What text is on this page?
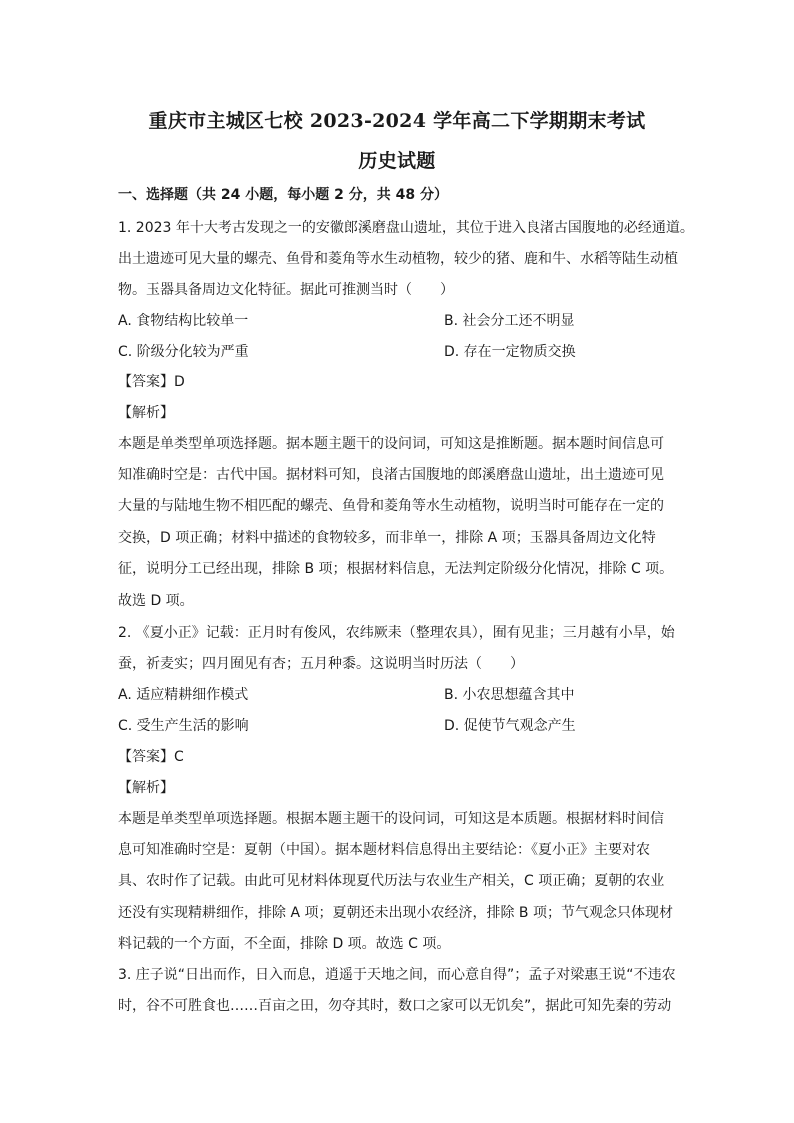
重庆市主城区七校 2023-2024 学年高二下学期期末考试
历史试题
一、选择题（共 24 小题，每小题 2 分，共 48 分）
1. 2023 年十大考古发现之一的安徽郎溪磨盘山遗址，其位于进入良渚古国腹地的必经通道。
出土遗迹可见大量的螺壳、鱼骨和菱角等水生动植物，较少的猪、鹿和牛、水稻等陆生动植
物。玉器具备周边文化特征。据此可推测当时（　　）
A. 食物结构比较单一	B. 社会分工还不明显
C. 阶级分化较为严重	D. 存在一定物质交换
【答案】D
【解析】
本题是单类型单项选择题。据本题主题干的设问词，可知这是推断题。据本题时间信息可
知准确时空是：古代中国。据材料可知，良渚古国腹地的郎溪磨盘山遗址，出土遗迹可见
大量的与陆地生物不相匹配的螺壳、鱼骨和菱角等水生动植物，说明当时可能存在一定的
交换，D 项正确；材料中描述的食物较多，而非单一，排除 A 项；玉器具备周边文化特
征，说明分工已经出现，排除 B 项；根据材料信息，无法判定阶级分化情况，排除 C 项。
故选 D 项。
2. 《夏小正》记载：正月时有俊风，农纬厥耒（整理农具），囿有见韭；三月越有小旱，始
蚕，祈麦实；四月囿见有杏；五月种黍。这说明当时历法（　　）
A. 适应精耕细作模式	B. 小农思想蕴含其中
C. 受生产生活的影响	D. 促使节气观念产生
【答案】C
【解析】
本题是单类型单项选择题。根据本题主题干的设问词，可知这是本质题。根据材料时间信
息可知准确时空是：夏朝（中国）。据本题材料信息得出主要结论：《夏小正》主要对农
具、农时作了记载。由此可见材料体现夏代历法与农业生产相关，C 项正确；夏朝的农业
还没有实现精耕细作，排除 A 项；夏朝还未出现小农经济，排除 B 项；节气观念只体现材
料记载的一个方面，不全面，排除 D 项。故选 C 项。
3. 庄子说“日出而作，日入而息，逍遥于天地之间，而心意自得”；孟子对梁惠王说“不违农
时，谷不可胜食也……百亩之田，勿夺其时，数口之家可以无饥矣”，据此可知先秦的劳动
